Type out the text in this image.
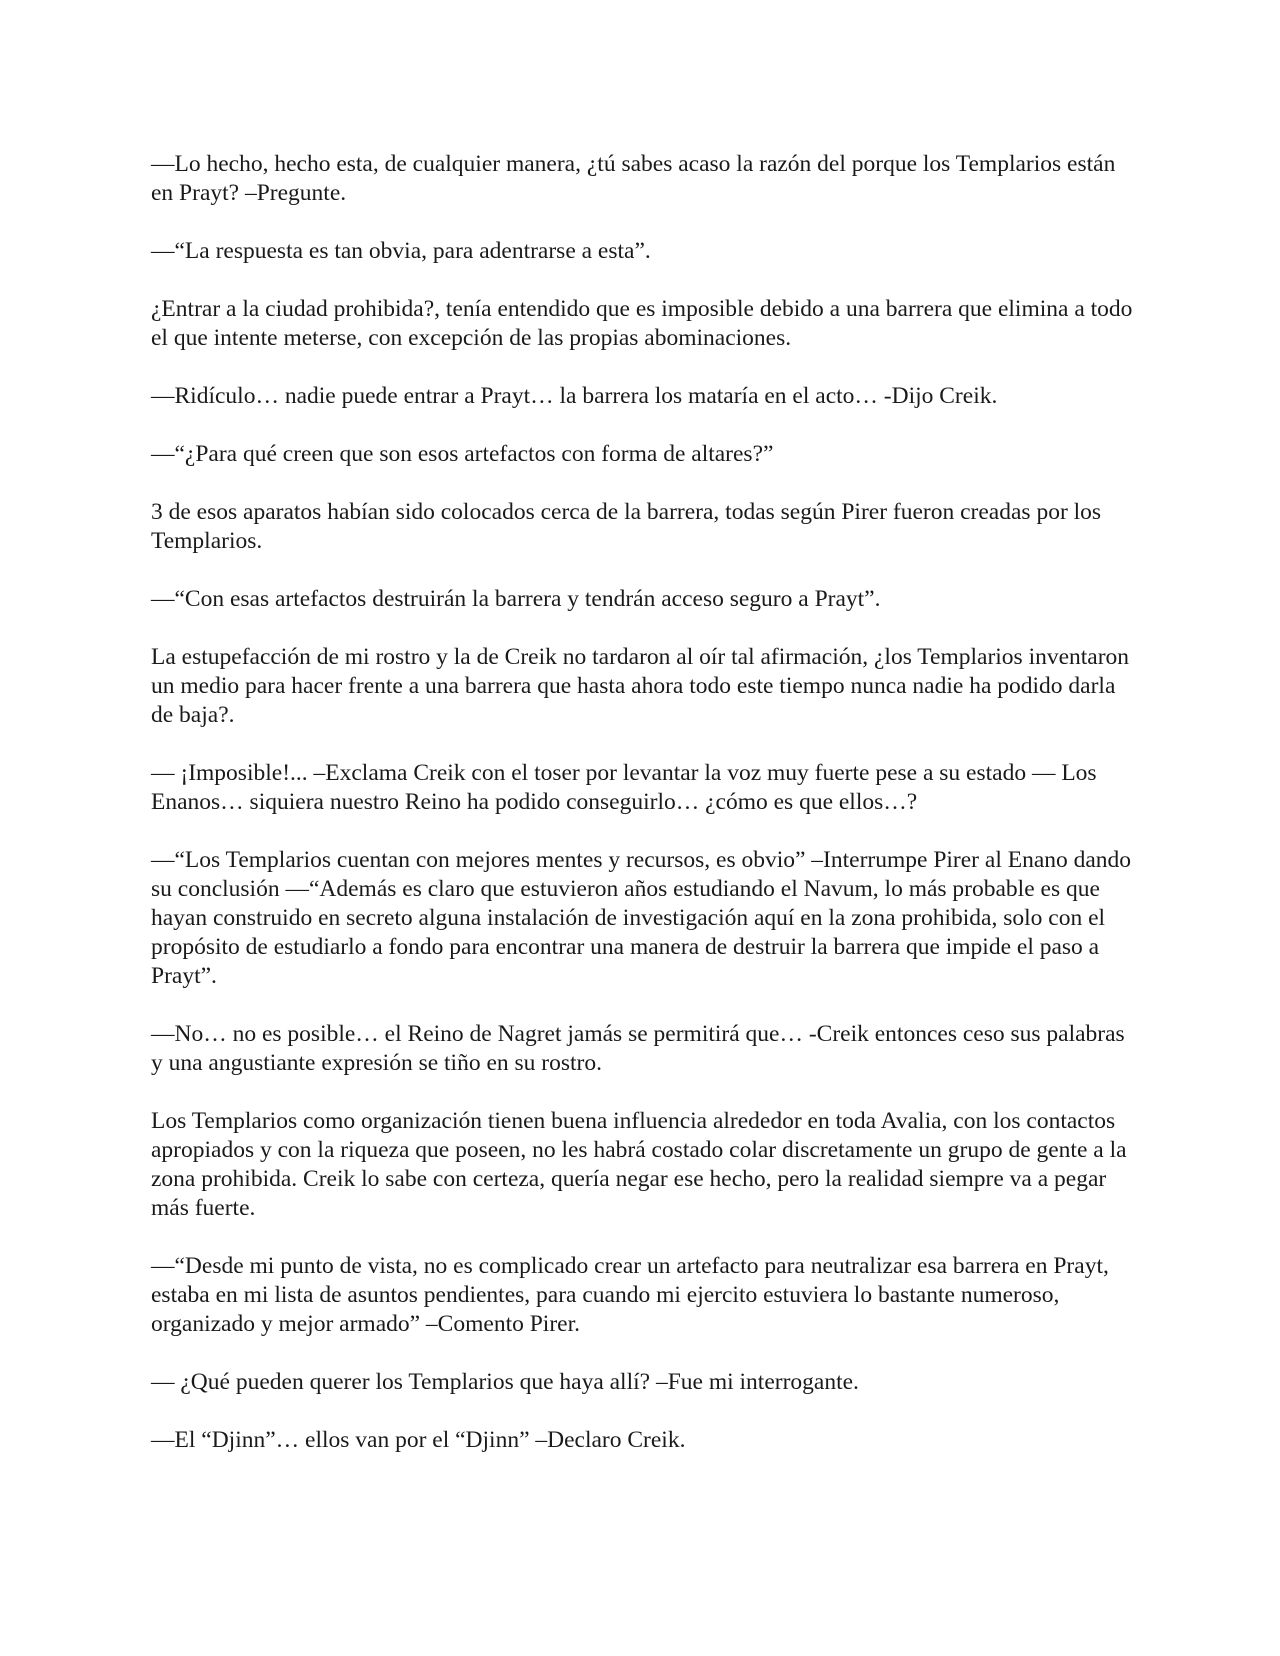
—Lo hecho, hecho esta, de cualquier manera, ¿tú sabes acaso la razón del porque los Templarios están en Prayt? –Pregunte.

—“La respuesta es tan obvia, para adentrarse a esta”.

¿Entrar a la ciudad prohibida?, tenía entendido que es imposible debido a una barrera que elimina a todo el que intente meterse, con excepción de las propias abominaciones.

—Ridículo… nadie puede entrar a Prayt… la barrera los mataría en el acto… -Dijo Creik.

—“¿Para qué creen que son esos artefactos con forma de altares?”

3 de esos aparatos habían sido colocados cerca de la barrera, todas según Pirer fueron creadas por los Templarios.

—“Con esas artefactos destruirán la barrera y tendrán acceso seguro a Prayt”.

La estupefacción de mi rostro y la de Creik no tardaron al oír tal afirmación, ¿los Templarios inventaron un medio para hacer frente a una barrera que hasta ahora todo este tiempo nunca nadie ha podido darla de baja?.

— ¡Imposible!... –Exclama Creik con el toser por levantar la voz muy fuerte pese a su estado — Los Enanos… siquiera nuestro Reino ha podido conseguirlo… ¿cómo es que ellos…?

—“Los Templarios cuentan con mejores mentes y recursos, es obvio” –Interrumpe Pirer al Enano dando su conclusión —“Además es claro que estuvieron años estudiando el Navum, lo más probable es que hayan construido en secreto alguna instalación de investigación aquí en la zona prohibida, solo con el propósito de estudiarlo a fondo para encontrar una manera de destruir la barrera que impide el paso a Prayt”.

—No… no es posible… el Reino de Nagret jamás se permitirá que… -Creik entonces ceso sus palabras y una angustiante expresión se tiño en su rostro.

Los Templarios como organización tienen buena influencia alrededor en toda Avalia, con los contactos apropiados y con la riqueza que poseen, no les habrá costado colar discretamente un grupo de gente a la zona prohibida. Creik lo sabe con certeza, quería negar ese hecho, pero la realidad siempre va a pegar más fuerte.

—“Desde mi punto de vista, no es complicado crear un artefacto para neutralizar esa barrera en Prayt, estaba en mi lista de asuntos pendientes, para cuando mi ejercito estuviera lo bastante numeroso, organizado y mejor armado” –Comento Pirer.

— ¿Qué pueden querer los Templarios que haya allí? –Fue mi interrogante.

—El “Djinn”… ellos van por el “Djinn” –Declaro Creik.
